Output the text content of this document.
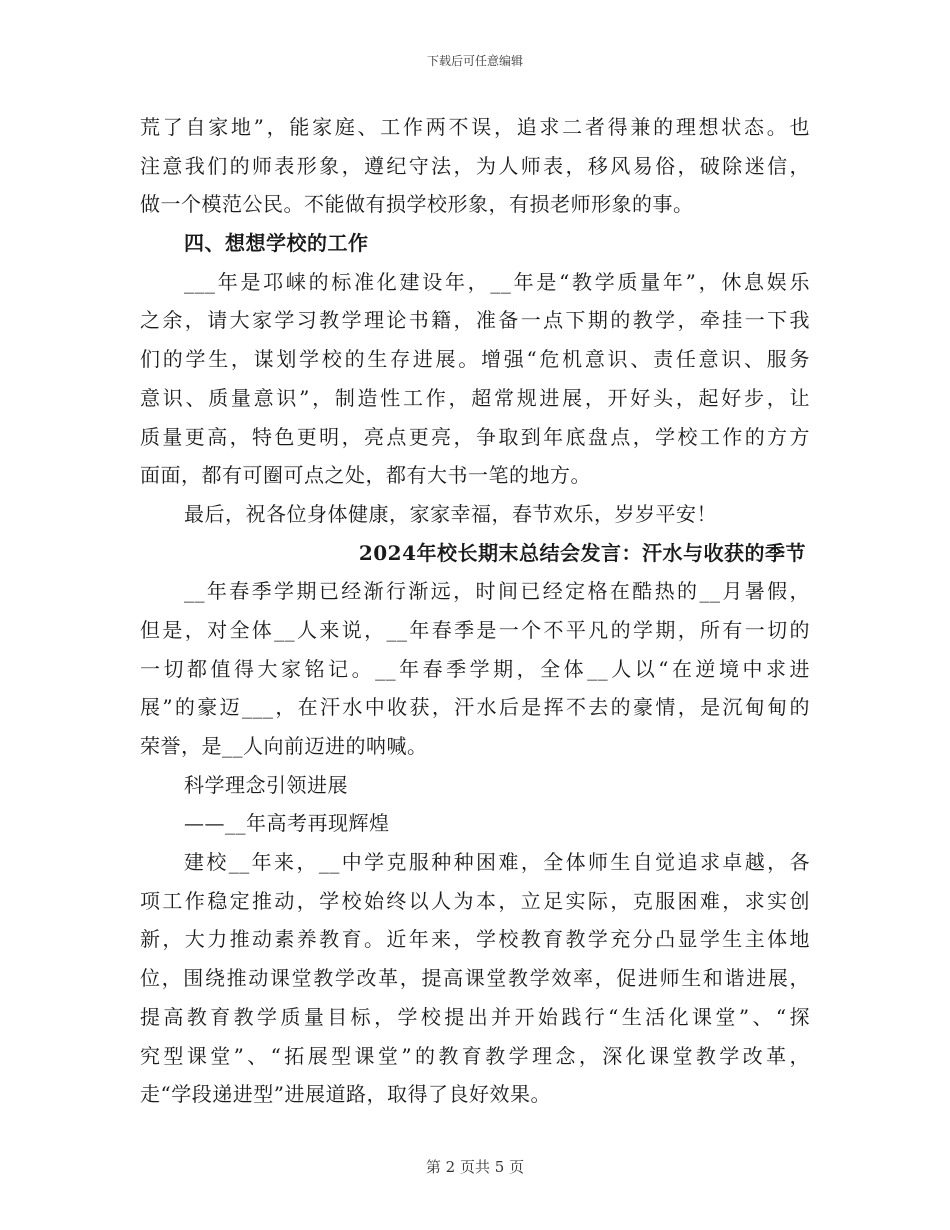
下载后可任意编辑
荒了自家地”，能家庭、工作两不误，追求二者得兼的理想状态。也
注意我们的师表形象，遵纪守法，为人师表，移风易俗，破除迷信，
做一个模范公民。不能做有损学校形象，有损老师形象的事。
四、想想学校的工作
___年是邛崃的标准化建设年，__年是“教学质量年”，休息娱乐
之余，请大家学习教学理论书籍，准备一点下期的教学，牵挂一下我
们的学生，谋划学校的生存进展。增强“危机意识、责任意识、服务
意识、质量意识”，制造性工作，超常规进展，开好头，起好步，让
质量更高，特色更明，亮点更亮，争取到年底盘点，学校工作的方方
面面，都有可圈可点之处，都有大书一笔的地方。
最后，祝各位身体健康，家家幸福，春节欢乐，岁岁平安！
2024年校长期末总结会发言：汗水与收获的季节
__年春季学期已经渐行渐远，时间已经定格在酷热的__月暑假，
但是，对全体__人来说，__年春季是一个不平凡的学期，所有一切的
一切都值得大家铭记。__年春季学期，全体__人以“在逆境中求进
展”的豪迈___，在汗水中收获，汗水后是挥不去的豪情，是沉甸甸的
荣誉，是__人向前迈进的呐喊。
科学理念引领进展
——__年高考再现辉煌
建校__年来，__中学克服种种困难，全体师生自觉追求卓越，各
项工作稳定推动，学校始终以人为本，立足实际，克服困难，求实创
新，大力推动素养教育。近年来，学校教育教学充分凸显学生主体地
位，围绕推动课堂教学改革，提高课堂教学效率，促进师生和谐进展，
提高教育教学质量目标，学校提出并开始践行“生活化课堂”、“探
究型课堂”、“拓展型课堂”的教育教学理念，深化课堂教学改革，
走“学段递进型”进展道路，取得了良好效果。
第 2 页共 5 页
